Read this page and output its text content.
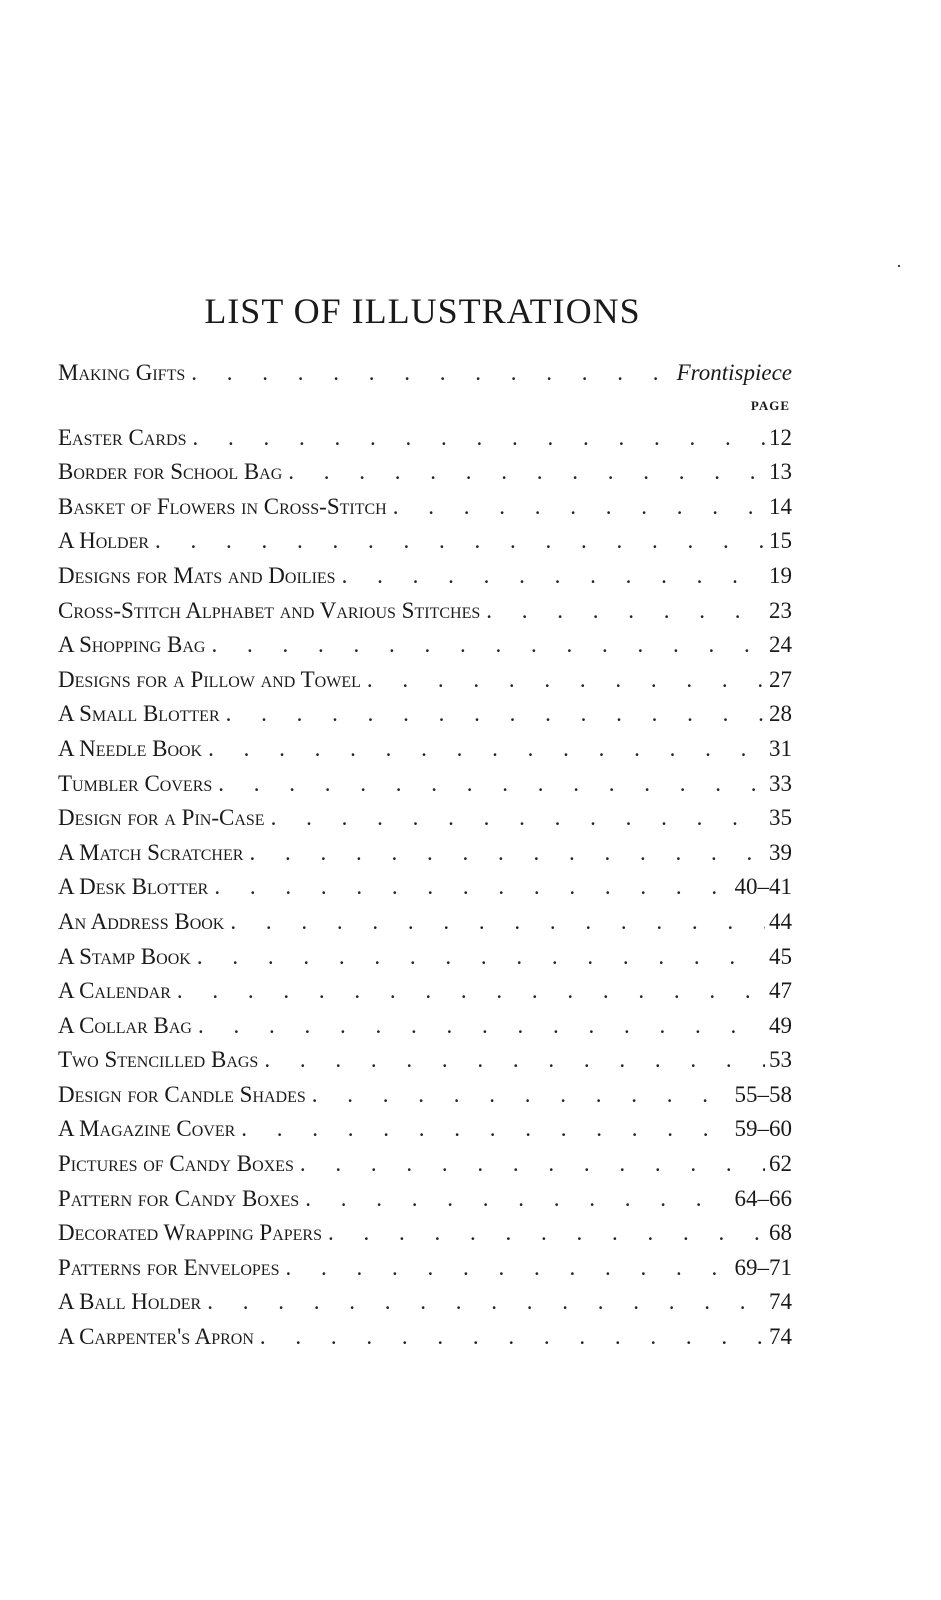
LIST OF ILLUSTRATIONS
Making Gifts . . .	Frontispiece
PAGE
Easter Cards . . .	12
Border for School Bag . . .	13
Basket of Flowers in Cross-Stitch . . .	14
A Holder . . .	15
Designs for Mats and Doilies . . .	19
Cross-Stitch Alphabet and Various Stitches . . .	23
A Shopping Bag . . .	24
Designs for a Pillow and Towel . . .	27
A Small Blotter . . .	28
A Needle Book . . .	31
Tumbler Covers . . .	33
Design for a Pin-Case . . .	35
A Match Scratcher . . .	39
A Desk Blotter . . .	40–41
An Address Book . . .	44
A Stamp Book . . .	45
A Calendar . . .	47
A Collar Bag . . .	49
Two Stencilled Bags . . .	53
Design for Candle Shades . . .	55–58
A Magazine Cover . . .	59–60
Pictures of Candy Boxes . . .	62
Pattern for Candy Boxes . . .	64–66
Decorated Wrapping Papers . . .	68
Patterns for Envelopes . . .	69–71
A Ball Holder . . .	74
A Carpenter's Apron . . .	74
